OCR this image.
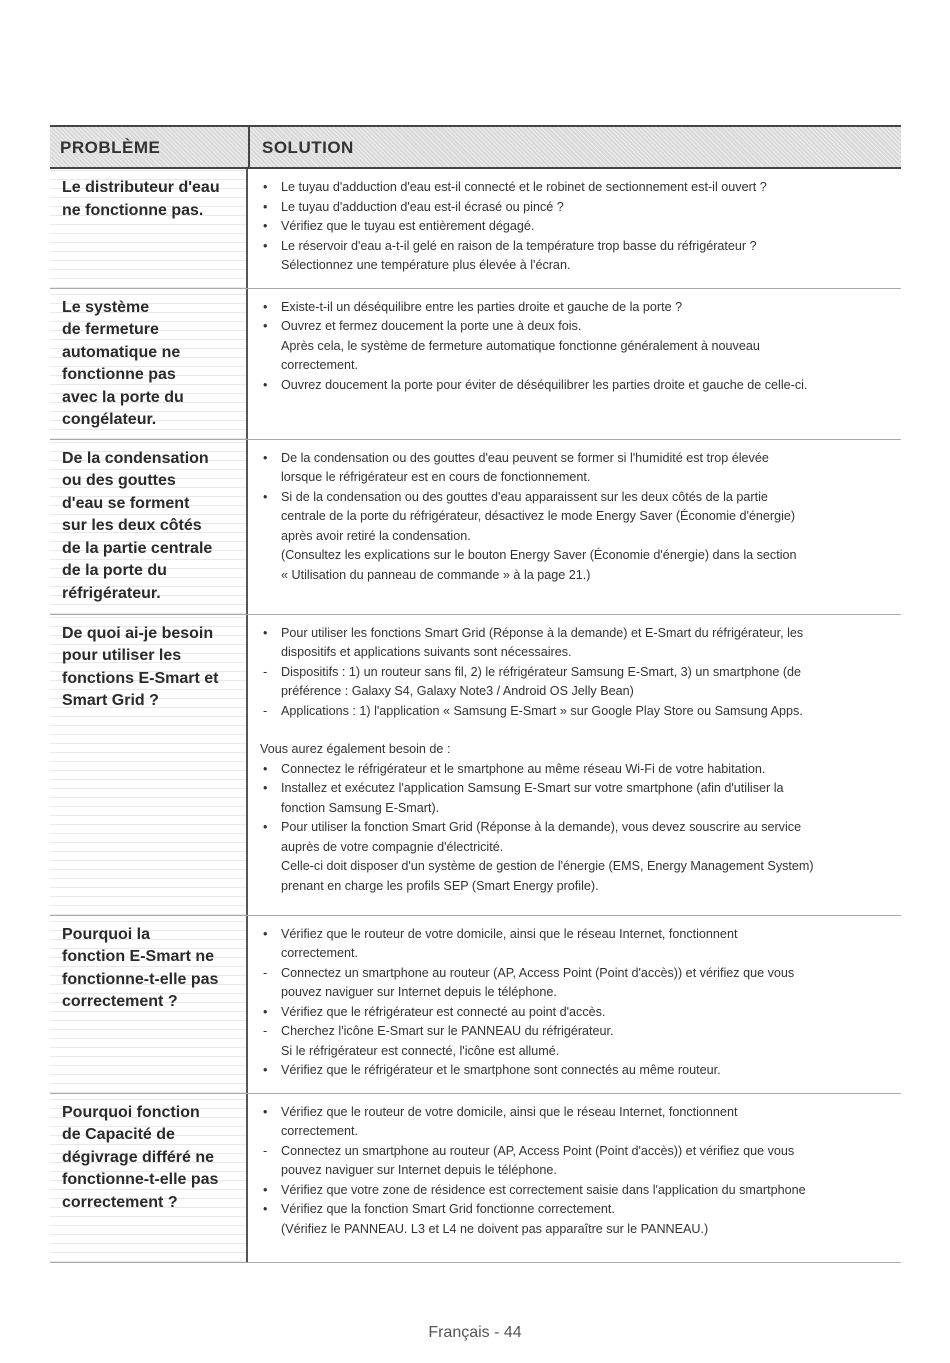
PROBLÈME	SOLUTION
Le distributeur d'eau
ne fonctionne pas.
•	Le tuyau d'adduction d'eau est-il connecté et le robinet de sectionnement est-il ouvert ?
•	Le tuyau d'adduction d'eau est-il écrasé ou pincé ?
•	Vérifiez que le tuyau est entièrement dégagé.
•	Le réservoir d'eau a-t-il gelé en raison de la température trop basse du réfrigérateur ?
Sélectionnez une température plus élevée à l'écran.
Le système
de fermeture
automatique ne
fonctionne pas
avec la porte du
congélateur.
•	Existe-t-il un déséquilibre entre les parties droite et gauche de la porte ?
•	Ouvrez et fermez doucement la porte une à deux fois.
Après cela, le système de fermeture automatique fonctionne généralement à nouveau
correctement.
•	Ouvrez doucement la porte pour éviter de déséquilibrer les parties droite et gauche de celle-ci.
De la condensation
ou des gouttes
d'eau se forment
sur les deux côtés
de la partie centrale
de la porte du
réfrigérateur.
•	De la condensation ou des gouttes d'eau peuvent se former si l'humidité est trop élevée
lorsque le réfrigérateur est en cours de fonctionnement.
•	Si de la condensation ou des gouttes d'eau apparaissent sur les deux côtés de la partie
centrale de la porte du réfrigérateur, désactivez le mode Energy Saver (Économie d'énergie)
après avoir retiré la condensation.
(Consultez les explications sur le bouton Energy Saver (Économie d'énergie) dans la section
« Utilisation du panneau de commande » à la page 21.)
De quoi ai-je besoin
pour utiliser les
fonctions E-Smart et
Smart Grid ?
•	Pour utiliser les fonctions Smart Grid (Réponse à la demande) et E-Smart du réfrigérateur, les
dispositifs et applications suivants sont nécessaires.
-	Dispositifs : 1) un routeur sans fil, 2) le réfrigérateur Samsung E-Smart, 3) un smartphone (de
préférence : Galaxy S4, Galaxy Note3 / Android OS Jelly Bean)
-	Applications : 1) l'application « Samsung E-Smart » sur Google Play Store ou Samsung Apps.
Vous aurez également besoin de :
•	Connectez le réfrigérateur et le smartphone au même réseau Wi-Fi de votre habitation.
•	Installez et exécutez l'application Samsung E-Smart sur votre smartphone (afin d'utiliser la
fonction Samsung E-Smart).
•	Pour utiliser la fonction Smart Grid (Réponse à la demande), vous devez souscrire au service
auprès de votre compagnie d'électricité.
Celle-ci doit disposer d'un système de gestion de l'énergie (EMS, Energy Management System)
prenant en charge les profils SEP (Smart Energy profile).
Pourquoi la
fonction E-Smart ne
fonctionne-t-elle pas
correctement ?
•	Vérifiez que le routeur de votre domicile, ainsi que le réseau Internet, fonctionnent
correctement.
-	Connectez un smartphone au routeur (AP, Access Point (Point d'accès)) et vérifiez que vous
pouvez naviguer sur Internet depuis le téléphone.
•	Vérifiez que le réfrigérateur est connecté au point d'accès.
-	Cherchez l'icône E-Smart sur le PANNEAU du réfrigérateur.
Si le réfrigérateur est connecté, l'icône est allumé.
•	Vérifiez que le réfrigérateur et le smartphone sont connectés au même routeur.
Pourquoi fonction
de Capacité de
dégivrage différé ne
fonctionne-t-elle pas
correctement ?
•	Vérifiez que le routeur de votre domicile, ainsi que le réseau Internet, fonctionnent
correctement.
-	Connectez un smartphone au routeur (AP, Access Point (Point d'accès)) et vérifiez que vous
pouvez naviguer sur Internet depuis le téléphone.
•	Vérifiez que votre zone de résidence est correctement saisie dans l'application du smartphone
•	Vérifiez que la fonction Smart Grid fonctionne correctement.
(Vérifiez le PANNEAU. L3 et L4 ne doivent pas apparaître sur le PANNEAU.)
Français - 44
